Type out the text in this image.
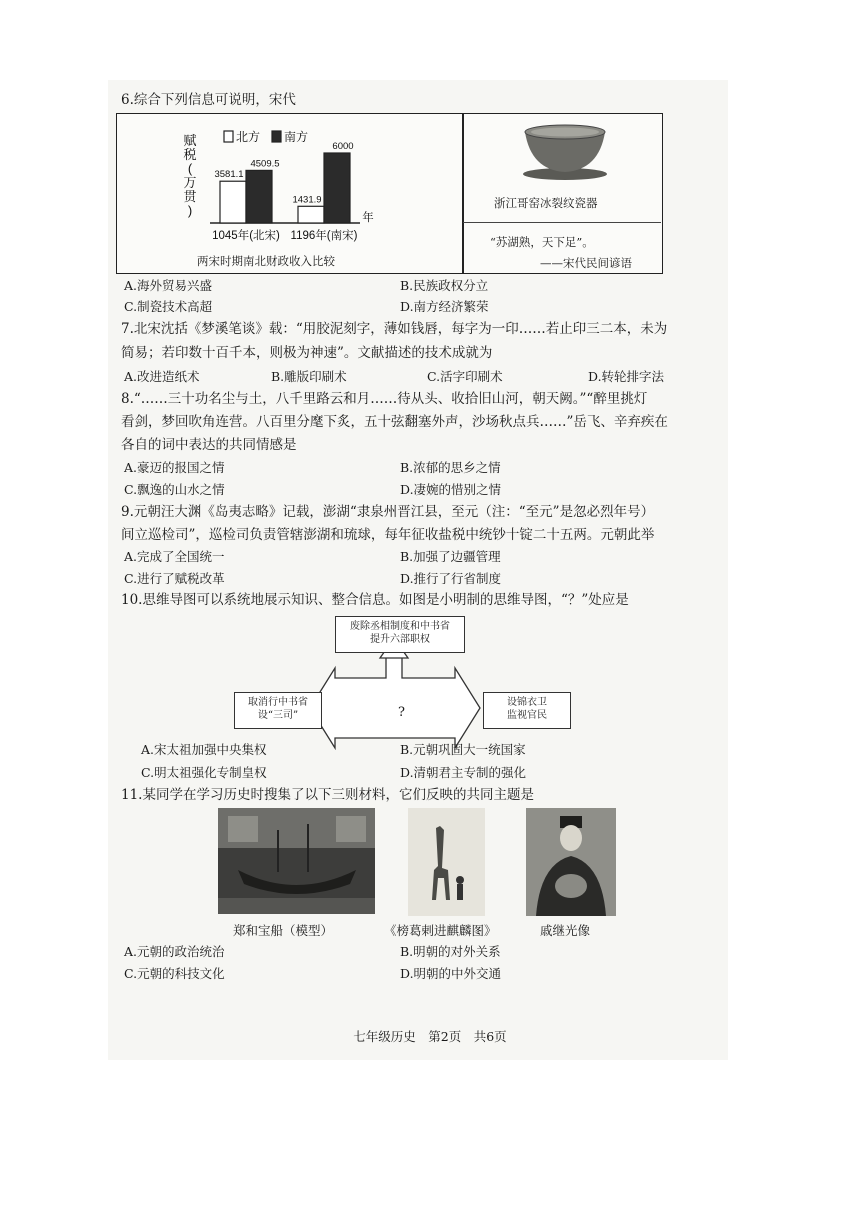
6.综合下列信息可说明，宋代
赋
税
(
万
贯
)
北方 南方
3581.1
4509.5
1045年(北宋)
1431.9
6000
1196年(南宋)
年
两宋时期南北财政收入比较
浙江哥窑冰裂纹瓷器
“苏湖熟，天下足”。
——宋代民间谚语
A.海外贸易兴盛	B.民族政权分立
C.制瓷技术高超	D.南方经济繁荣
7.北宋沈括《梦溪笔谈》载：“用胶泥刻字，薄如钱唇，每字为一印……若止印三二本，未为
简易；若印数十百千本，则极为神速”。文献描述的技术成就为
A.改进造纸术	B.雕版印刷术	C.活字印刷术	D.转轮排字法
8.“……三十功名尘与土，八千里路云和月……待从头、收拾旧山河，朝天阙。”“醉里挑灯
看剑，梦回吹角连营。八百里分麾下炙，五十弦翻塞外声，沙场秋点兵……”岳飞、辛弃疾在
各自的词中表达的共同情感是
A.豪迈的报国之情	B.浓郁的思乡之情
C.飘逸的山水之情	D.凄婉的惜别之情
9.元朝汪大渊《岛夷志略》记载，澎湖“隶泉州晋江县，至元（注：“至元”是忽必烈年号）
间立巡检司”，巡检司负责管辖澎湖和琉球，每年征收盐税中统钞十锭二十五两。元朝此举
A.完成了全国统一	B.加强了边疆管理
C.进行了赋税改革	D.推行了行省制度
10.思维导图可以系统地展示知识、整合信息。如图是小明制的思维导图，“？”处应是
废除丞相制度和中书省
提升六部职权
取消行中书省
设“三司”
设锦衣卫
监视官民
?
A.宋太祖加强中央集权	B.元朝巩固大一统国家
C.明太祖强化专制皇权	D.清朝君主专制的强化
11.某同学在学习历史时搜集了以下三则材料，它们反映的共同主题是
郑和宝船（模型）	《榜葛剌进麒麟图》	戚继光像
A.元朝的政治统治	B.明朝的对外关系
C.元朝的科技文化	D.明朝的中外交通
七年级历史　第2页　共6页
